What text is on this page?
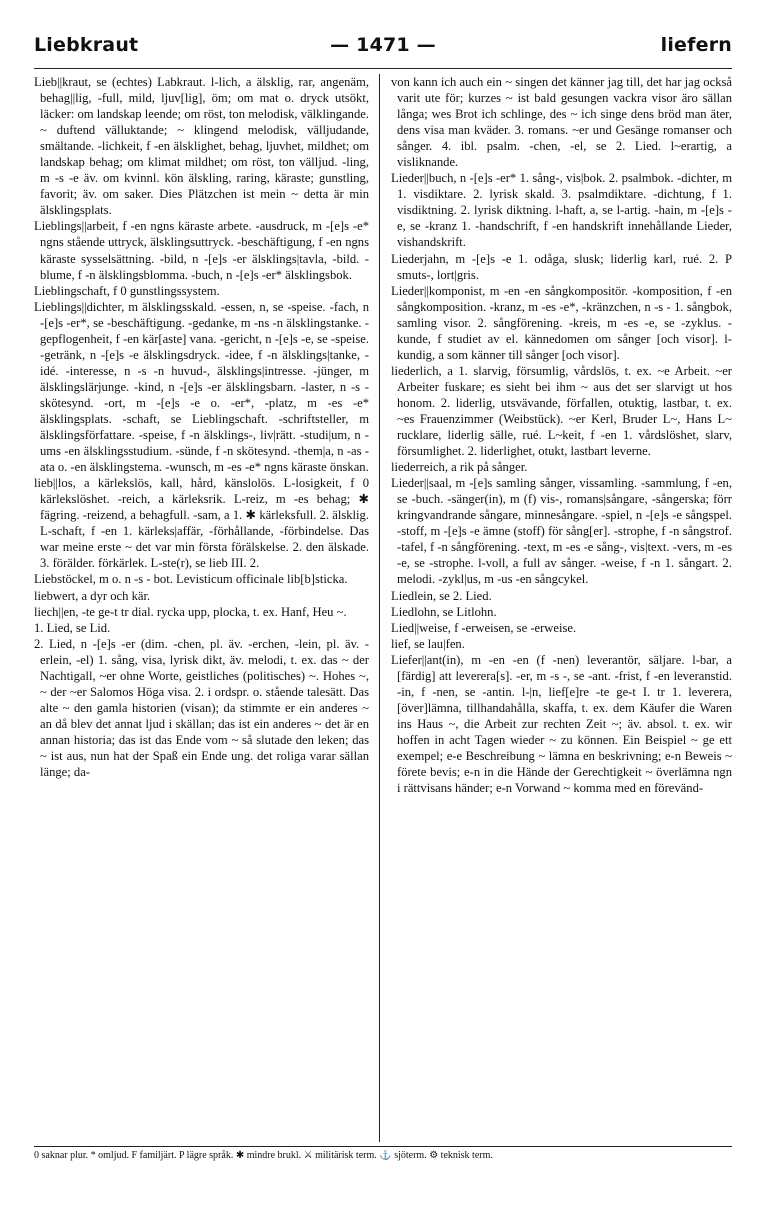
Liebkraut	— 1471 —	liefern

Lieb||kraut, se (echtes) Labkraut. l-lich, a älsklig, rar, angenäm, behag||lig, -full, mild, ljuv[lig], öm; om mat o. dryck utsökt, läcker: om landskap leende; om röst, ton melodisk, välklingande. ~ duftend välluktande; ~ klingend melodisk, välljudande, smältande. -lichkeit, f -en älsklighet, behag, ljuvhet, mildhet; om landskap behag; om klimat mildhet; om röst, ton välljud. -ling, m -s -e äv. om kvinnl. kön älskling, raring, käraste; gunstling, favorit; äv. om saker. Dies Plätzchen ist mein ~ detta är min älsklingsplats.

Lieblings||arbeit, f -en ngns käraste arbete. -ausdruck, m -[e]s -e* ngns stående uttryck, älsklingsuttryck. -beschäftigung, f -en ngns käraste sysselsättning. -bild, n -[e]s -er älsklings|tavla, -bild. -blume, f -n älsklingsblomma. -buch, n -[e]s -er* älsklingsbok.

Lieblingschaft, f 0 gunstlingssystem.

Lieblings||dichter, m älsklingsskald. -essen, n, se -speise. -fach, n -[e]s -er*, se -beschäftigung. -gedanke, m -ns -n älsklingstanke. -gepflogenheit, f -en kär[aste] vana. -gericht, n -[e]s -e, se -speise. -getränk, n -[e]s -e älsklingsdryck. -idee, f -n älsklings|tanke, -idé. -interesse, n -s -n huvud-, älsklings|intresse. -jünger, m älsklingslärjunge. -kind, n -[e]s -er älsklingsbarn. -laster, n -s - skötesynd. -ort, m -[e]s -e o. -er*, -platz, m -es -e* älsklingsplats. -schaft, se Lieblingschaft. -schriftsteller, m älsklingsförfattare. -speise, f -n älsklings-, liv|rätt. -studi|um, n -ums -en älsklingsstudium. -sünde, f -n skötesynd. -them|a, n -as -ata o. -en älsklingstema. -wunsch, m -es -e* ngns käraste önskan.

lieb||los, a kärlekslös, kall, hård, känslolös. L-losigkeit, f 0 kärlekslöshet. -reich, a kärleksrik. L-reiz, m -es behag; ✱ fägring. -reizend, a behagfull. -sam, a 1. ✱ kärleksfull. 2. älsklig. L-schaft, f -en 1. kärleks|affär, -förhållande, -förbindelse. Das war meine erste ~ det var min första förälskelse. 2. den älskade. 3. förälder. förkärlek. L-ste(r), se lieb III. 2.

Liebstöckel, m o. n -s - bot. Levisticum officinale lib[b]sticka.

liebwert, a dyr och kär.

liech||en, -te ge-t tr dial. rycka upp, plocka, t. ex. Hanf, Heu ~.

1. Lied, se Lid.

2. Lied, n -[e]s -er (dim. -chen, pl. äv. -erchen, -lein, pl. äv. -erlein, -el) 1. sång, visa, lyrisk dikt, äv. melodi, t. ex. das ~ der Nachtigall, ~er ohne Worte, geistliches (politisches) ~. Hohes ~, ~ der ~er Salomos Höga visa. 2. i ordspr. o. stående talesätt. Das alte ~ den gamla historien (visan); da stimmte er ein anderes ~ an då blev det annat ljud i skällan; das ist ein anderes ~ det är en annan historia; das ist das Ende vom ~ så slutade den leken; das ~ ist aus, nun hat der Spaß ein Ende ung. det roliga varar sällan länge; da-

von kann ich auch ein ~ singen det känner jag till, det har jag också varit ute för; kurzes ~ ist bald gesungen vackra visor äro sällan långa; wes Brot ich schlinge, des ~ ich singe dens bröd man äter, dens visa man kväder. 3. romans. ~er und Gesänge romanser och sånger. 4. ibl. psalm. -chen, -el, se 2. Lied. l~erartig, a visliknande.

Lieder||buch, n -[e]s -er* 1. sång-, vis|bok. 2. psalmbok. -dichter, m 1. visdiktare. 2. lyrisk skald. 3. psalmdiktare. -dichtung, f 1. visdiktning. 2. lyrisk diktning. l-haft, a, se l-artig. -hain, m -[e]s -e, se -kranz 1. -handschrift, f -en handskrift innehållande Lieder, vishandskrift.

Liederjahn, m -[e]s -e 1. odåga, slusk; liderlig karl, rué. 2. P smuts-, lort|gris.

Lieder||komponist, m -en -en sångkompositör. -komposition, f -en sångkomposition. -kranz, m -es -e*, -kränzchen, n -s - 1. sångbok, samling visor. 2. sångförening. -kreis, m -es -e, se -zyklus. -kunde, f studiet av el. kännedomen om sånger [och visor]. l-kundig, a som känner till sånger [och visor].

liederlich, a 1. slarvig, försumlig, vårdslös, t. ex. ~e Arbeit. ~er Arbeiter fuskare; es sieht bei ihm ~ aus det ser slarvigt ut hos honom. 2. liderlig, utsvävande, förfallen, otuktig, lastbar, t. ex. ~es Frauenzimmer (Weibstück). ~er Kerl, Bruder L~, Hans L~ rucklare, liderlig sälle, rué. L~keit, f -en 1. vårdslöshet, slarv, försumlighet. 2. liderlighet, otukt, lastbart leverne.

liederreich, a rik på sånger.

Lieder||saal, m -[e]s samling sånger, vissamling. -sammlung, f -en, se -buch. -sänger(in), m (f) vis-, romans|sångare, -sångerska; förr kringvandrande sångare, minnesångare. -spiel, n -[e]s -e sångspel. -stoff, m -[e]s -e ämne (stoff) för sång[er]. -strophe, f -n sångstrof. -tafel, f -n sångförening. -text, m -es -e sång-, vis|text. -vers, m -es -e, se -strophe. l-voll, a full av sånger. -weise, f -n 1. sångart. 2. melodi. -zykl|us, m -us -en sångcykel.

Liedlein, se 2. Lied.

Liedlohn, se Litlohn.

Lied||weise, f -erweisen, se -erweise.

lief, se lau|fen.

Liefer||ant(in), m -en -en (f -nen) leverantör, säljare. l-bar, a [färdig] att leverera[s]. -er, m -s -, se -ant. -frist, f -en leveranstid. -in, f -nen, se -antin. l-|n, lief[e]re -te ge-t I. tr 1. leverera, [över]lämna, tillhandahålla, skaffa, t. ex. dem Käufer die Waren ins Haus ~, die Arbeit zur rechten Zeit ~; äv. absol. t. ex. wir hoffen in acht Tagen wieder ~ zu können. Ein Beispiel ~ ge ett exempel; e-e Beschreibung ~ lämna en beskrivning; e-n Beweis ~ förete bevis; e-n in die Hände der Gerechtigkeit ~ överlämna ngn i rättvisans händer; e-n Vorwand ~ komma med en förevänd-

0 saknar plur. * omljud. F familjärt. P lägre språk. ✱ mindre brukl. ⚔ militärisk term. ⚓ sjöterm. ⚙ teknisk term.
